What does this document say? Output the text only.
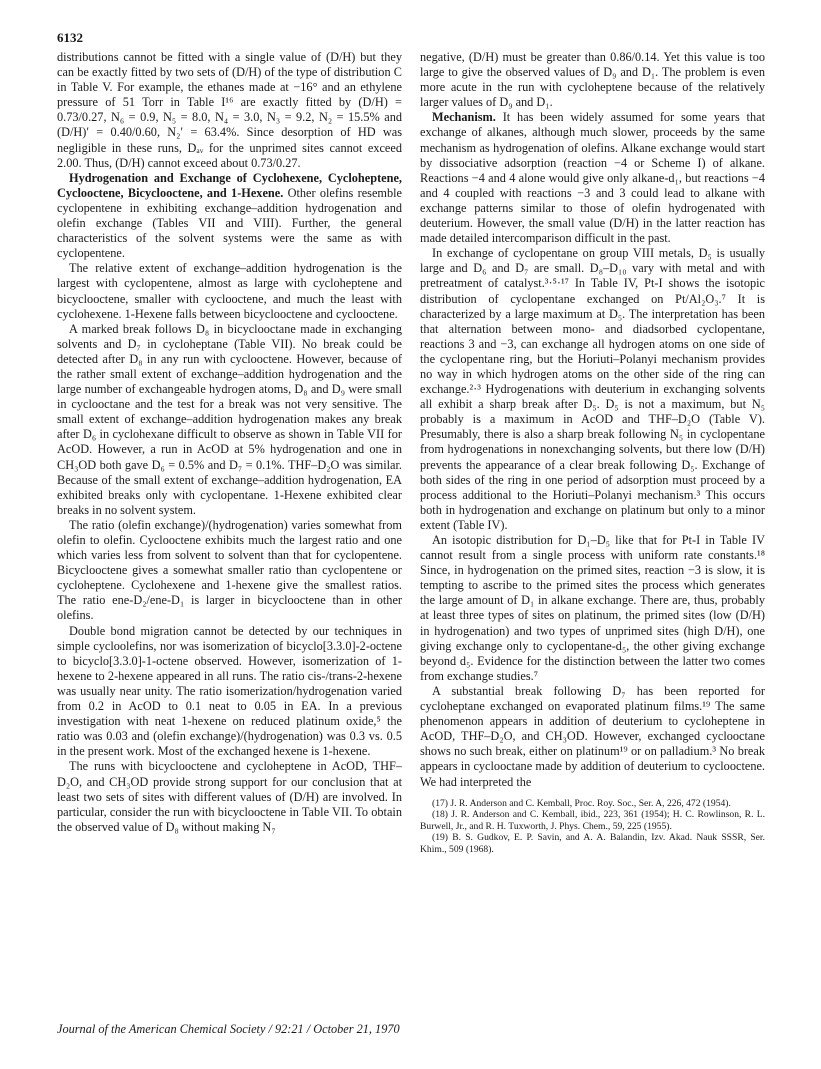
6132

distributions cannot be fitted with a single value of (D/H) but they can be exactly fitted by two sets of (D/H) of the type of distribution C in Table V. For example, the ethanes made at −16° and an ethylene pressure of 51 Torr in Table I¹⁶ are exactly fitted by (D/H) = 0.73/0.27, N₆ = 0.9, N₅ = 8.0, N₄ = 3.0, N₃ = 9.2, N₂ = 15.5% and (D/H)′ = 0.40/0.60, N₂′ = 63.4%. Since desorption of HD was negligible in these runs, Dₐᵥ for the unprimed sites cannot exceed 2.00. Thus, (D/H) cannot exceed about 0.73/0.27.

Hydrogenation and Exchange of Cyclohexene, Cycloheptene, Cyclooctene, Bicyclooctene, and 1-Hexene. Other olefins resemble cyclopentene in exhibiting exchange–addition hydrogenation and olefin exchange (Tables VII and VIII). Further, the general characteristics of the solvent systems were the same as with cyclopentene.

The relative extent of exchange–addition hydrogenation is the largest with cyclopentene, almost as large with cycloheptene and bicyclooctene, smaller with cyclooctene, and much the least with cyclohexene. 1-Hexene falls between bicyclooctene and cyclooctene.

A marked break follows D₈ in bicyclooctane made in exchanging solvents and D₇ in cycloheptane (Table VII). No break could be detected after D₈ in any run with cyclooctene. However, because of the rather small extent of exchange–addition hydrogenation and the large number of exchangeable hydrogen atoms, D₈ and D₉ were small in cyclooctane and the test for a break was not very sensitive. The small extent of exchange–addition hydrogenation makes any break after D₆ in cyclohexane difficult to observe as shown in Table VII for AcOD. However, a run in AcOD at 5% hydrogenation and one in CH₃OD both gave D₆ = 0.5% and D₇ = 0.1%. THF–D₂O was similar. Because of the small extent of exchange–addition hydrogenation, EA exhibited breaks only with cyclopentane. 1-Hexene exhibited clear breaks in no solvent system.

The ratio (olefin exchange)/(hydrogenation) varies somewhat from olefin to olefin. Cyclooctene exhibits much the largest ratio and one which varies less from solvent to solvent than that for cyclopentene. Bicyclooctene gives a somewhat smaller ratio than cyclopentene or cycloheptene. Cyclohexene and 1-hexene give the smallest ratios. The ratio ene-D₂/ene-D₁ is larger in bicyclooctene than in other olefins.

Double bond migration cannot be detected by our techniques in simple cycloolefins, nor was isomerization of bicyclo[3.3.0]-2-octene to bicyclo[3.3.0]-1-octene observed. However, isomerization of 1-hexene to 2-hexene appeared in all runs. The ratio cis-/trans-2-hexene was usually near unity. The ratio isomerization/hydrogenation varied from 0.2 in AcOD to 0.1 neat to 0.05 in EA. In a previous investigation with neat 1-hexene on reduced platinum oxide,⁵ the ratio was 0.03 and (olefin exchange)/(hydrogenation) was 0.3 vs. 0.5 in the present work. Most of the exchanged hexene is 1-hexene.

The runs with bicyclooctene and cycloheptene in AcOD, THF–D₂O, and CH₃OD provide strong support for our conclusion that at least two sets of sites with different values of (D/H) are involved. In particular, consider the run with bicyclooctene in Table VII. To obtain the observed value of D₈ without making N₇

negative, (D/H) must be greater than 0.86/0.14. Yet this value is too large to give the observed values of D₉ and D₁. The problem is even more acute in the run with cycloheptene because of the relatively larger values of D₉ and D₁.

Mechanism. It has been widely assumed for some years that exchange of alkanes, although much slower, proceeds by the same mechanism as hydrogenation of olefins. Alkane exchange would start by dissociative adsorption (reaction −4 or Scheme I) of alkane. Reactions −4 and 4 alone would give only alkane-d₁, but reactions −4 and 4 coupled with reactions −3 and 3 could lead to alkane with exchange patterns similar to those of olefin hydrogenated with deuterium. However, the small value (D/H) in the latter reaction has made detailed intercomparison difficult in the past.

In exchange of cyclopentane on group VIII metals, D₅ is usually large and D₆ and D₇ are small. D₈–D₁₀ vary with metal and with pretreatment of catalyst.³·⁵·¹⁷ In Table IV, Pt-I shows the isotopic distribution of cyclopentane exchanged on Pt/Al₂O₃.⁷ It is characterized by a large maximum at D₅. The interpretation has been that alternation between mono- and diadsorbed cyclopentane, reactions 3 and −3, can exchange all hydrogen atoms on one side of the cyclopentane ring, but the Horiuti–Polanyi mechanism provides no way in which hydrogen atoms on the other side of the ring can exchange.²·³ Hydrogenations with deuterium in exchanging solvents all exhibit a sharp break after D₅. D₅ is not a maximum, but N₅ probably is a maximum in AcOD and THF–D₂O (Table V). Presumably, there is also a sharp break following N₅ in cyclopentane from hydrogenations in nonexchanging solvents, but there low (D/H) prevents the appearance of a clear break following D₅. Exchange of both sides of the ring in one period of adsorption must proceed by a process additional to the Horiuti–Polanyi mechanism.³ This occurs both in hydrogenation and exchange on platinum but only to a minor extent (Table IV).

An isotopic distribution for D₁–D₅ like that for Pt-I in Table IV cannot result from a single process with uniform rate constants.¹⁸ Since, in hydrogenation on the primed sites, reaction −3 is slow, it is tempting to ascribe to the primed sites the process which generates the large amount of D₁ in alkane exchange. There are, thus, probably at least three types of sites on platinum, the primed sites (low (D/H) in hydrogenation) and two types of unprimed sites (high D/H), one giving exchange only to cyclopentane-d₅, the other giving exchange beyond d₅. Evidence for the distinction between the latter two comes from exchange studies.⁷

A substantial break following D₇ has been reported for cycloheptane exchanged on evaporated platinum films.¹⁹ The same phenomenon appears in addition of deuterium to cycloheptene in AcOD, THF–D₂O, and CH₃OD. However, exchanged cyclooctane shows no such break, either on platinum¹⁹ or on palladium.³ No break appears in cyclooctane made by addition of deuterium to cyclooctene. We had interpreted the

(17) J. R. Anderson and C. Kemball, Proc. Roy. Soc., Ser. A, 226, 472 (1954).

(18) J. R. Anderson and C. Kemball, ibid., 223, 361 (1954); H. C. Rowlinson, R. L. Burwell, Jr., and R. H. Tuxworth, J. Phys. Chem., 59, 225 (1955).

(19) B. S. Gudkov, E. P. Savin, and A. A. Balandin, Izv. Akad. Nauk SSSR, Ser. Khim., 509 (1968).

Journal of the American Chemical Society / 92:21 / October 21, 1970
